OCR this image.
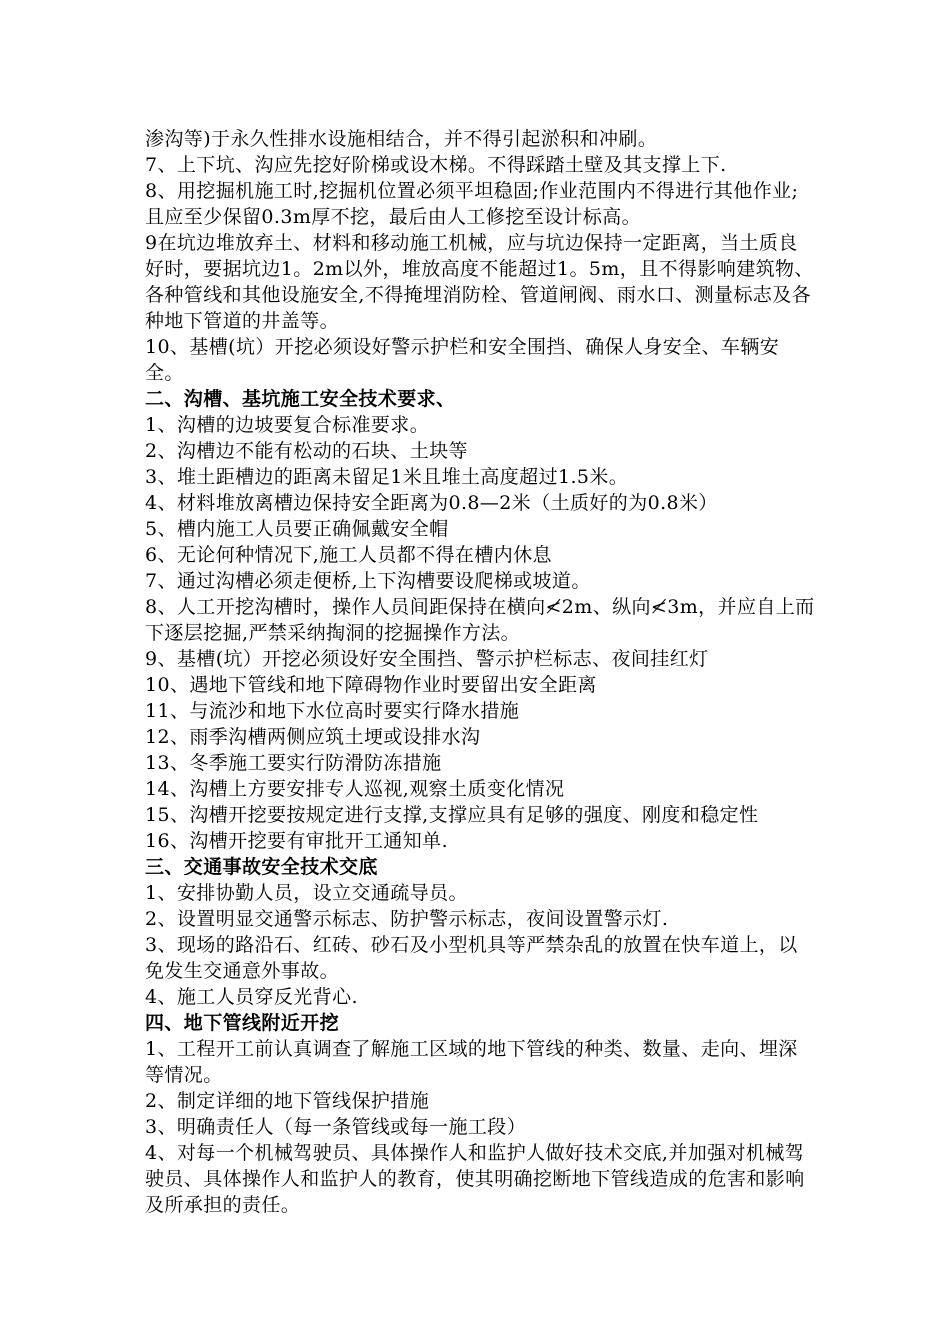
渗沟等)于永久性排水设施相结合，并不得引起淤积和冲刷。

7、上下坑、沟应先挖好阶梯或设木梯。不得踩踏土壁及其支撑上下.

8、用挖掘机施工时,挖掘机位置必须平坦稳固;作业范围内不得进行其他作业;且应至少保留0.3m厚不挖，最后由人工修挖至设计标高。

9在坑边堆放弃土、材料和移动施工机械，应与坑边保持一定距离，当土质良好时，要据坑边1。2m以外，堆放高度不能超过1。5m，且不得影响建筑物、各种管线和其他设施安全,不得掩埋消防栓、管道闸阀、雨水口、测量标志及各种地下管道的井盖等。

10、基槽(坑）开挖必须设好警示护栏和安全围挡、确保人身安全、车辆安全。

二、沟槽、基坑施工安全技术要求、

1、沟槽的边坡要复合标准要求。

2、沟槽边不能有松动的石块、土块等

3、堆土距槽边的距离未留足1米且堆土高度超过1.5米。

4、材料堆放离槽边保持安全距离为0.8—2米（土质好的为0.8米）

5、槽内施工人员要正确佩戴安全帽

6、无论何种情况下,施工人员都不得在槽内休息

7、通过沟槽必须走便桥,上下沟槽要设爬梯或坡道。

8、人工开挖沟槽时，操作人员间距保持在横向≮2m、纵向≮3m，并应自上而下逐层挖掘,严禁采纳掏洞的挖掘操作方法。

9、基槽(坑）开挖必须设好安全围挡、警示护栏标志、夜间挂红灯

10、遇地下管线和地下障碍物作业时要留出安全距离

11、与流沙和地下水位高时要实行降水措施

12、雨季沟槽两侧应筑土埂或设排水沟

13、冬季施工要实行防滑防冻措施

14、沟槽上方要安排专人巡视,观察土质变化情况

15、沟槽开挖要按规定进行支撑,支撑应具有足够的强度、刚度和稳定性

16、沟槽开挖要有审批开工通知单.

三、交通事故安全技术交底

1、安排协勤人员，设立交通疏导员。

2、设置明显交通警示标志、防护警示标志，夜间设置警示灯.

3、现场的路沿石、红砖、砂石及小型机具等严禁杂乱的放置在快车道上，以免发生交通意外事故。

4、施工人员穿反光背心.

四、地下管线附近开挖

1、工程开工前认真调查了解施工区域的地下管线的种类、数量、走向、埋深等情况。

2、制定详细的地下管线保护措施

3、明确责任人（每一条管线或每一施工段）

4、对每一个机械驾驶员、具体操作人和监护人做好技术交底,并加强对机械驾驶员、具体操作人和监护人的教育，使其明确挖断地下管线造成的危害和影响及所承担的责任。
